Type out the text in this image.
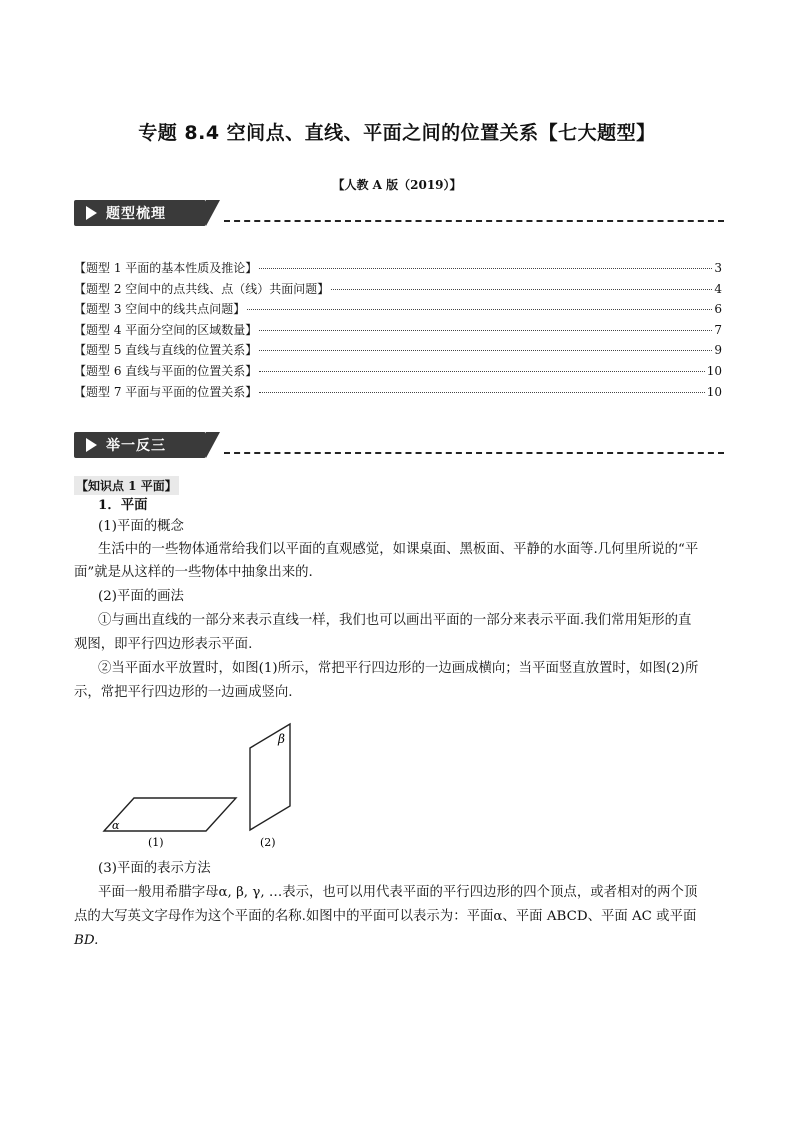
专题 8.4 空间点、直线、平面之间的位置关系【七大题型】
【人教 A 版（2019）】
题型梳理
【题型 1 平面的基本性质及推论】	3
【题型 2 空间中的点共线、点（线）共面问题】	4
【题型 3 空间中的线共点问题】	6
【题型 4 平面分空间的区域数量】	7
【题型 5 直线与直线的位置关系】	9
【题型 6 直线与平面的位置关系】	10
【题型 7 平面与平面的位置关系】	10
举一反三
【知识点 1 平面】
1．平面
(1)平面的概念
生活中的一些物体通常给我们以平面的直观感觉，如课桌面、黑板面、平静的水面等.几何里所说的“平
面”就是从这样的一些物体中抽象出来的.
(2)平面的画法
①与画出直线的一部分来表示直线一样，我们也可以画出平面的一部分来表示平面.我们常用矩形的直
观图，即平行四边形表示平面.
②当平面水平放置时，如图(1)所示，常把平行四边形的一边画成横向；当平面竖直放置时，如图(2)所
示，常把平行四边形的一边画成竖向.
α
(1)
β
(2)
(3)平面的表示方法
平面一般用希腊字母α, β, γ, …表示，也可以用代表平面的平行四边形的四个顶点，或者相对的两个顶
点的大写英文字母作为这个平面的名称.如图中的平面可以表示为：平面α、平面 ABCD、平面 AC 或平面
BD.
